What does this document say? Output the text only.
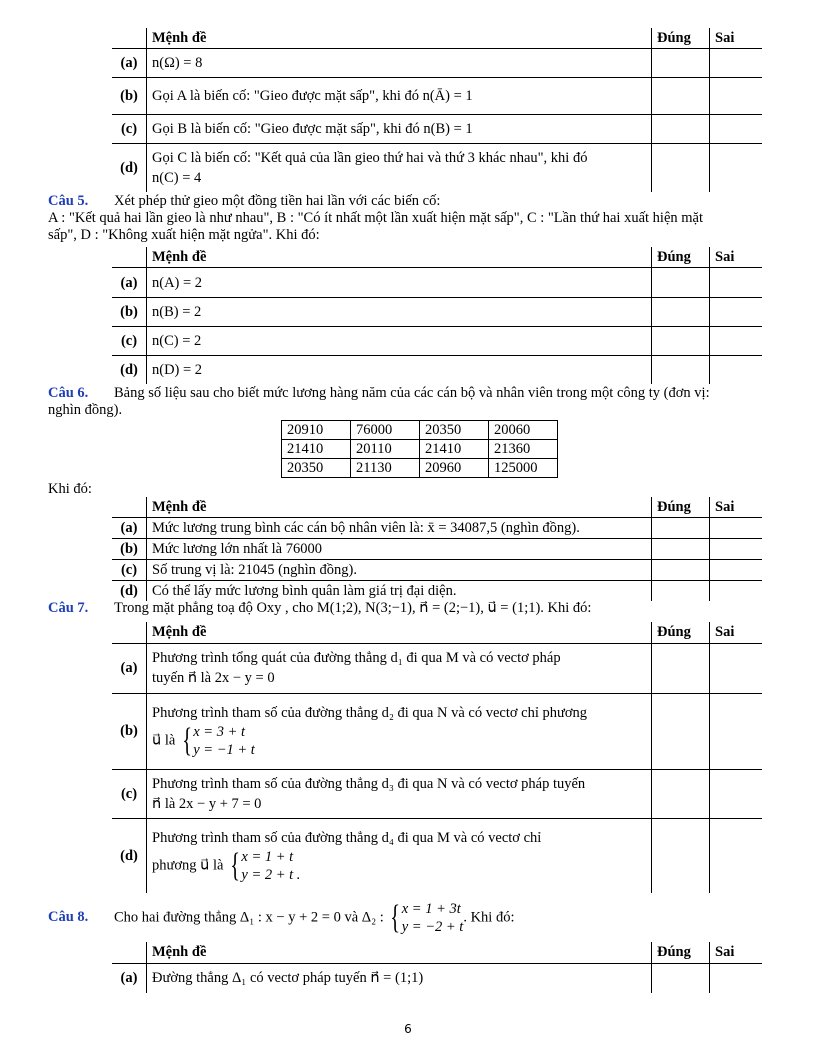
	Mệnh đề	Đúng	Sai
(a)	n(Ω) = 8		
(b)	Gọi A là biến cố: "Gieo được mặt sấp", khi đó n(Ā) = 1		
(c)	Gọi B là biến cố: "Gieo được mặt sấp", khi đó n(B) = 1		
(d)	Gọi C là biến cố: "Kết quả của lần gieo thứ hai và thứ 3 khác nhau", khi đó
n(C) = 4		

Câu 5. Xét phép thử gieo một đồng tiền hai lần với các biến cố:
A : "Kết quả hai lần gieo là như nhau", B : "Có ít nhất một lần xuất hiện mặt sấp", C : "Lần thứ hai xuất hiện mặt
sấp", D : "Không xuất hiện mặt ngửa". Khi đó:
	Mệnh đề	Đúng	Sai
(a)	n(A) = 2		
(b)	n(B) = 2		
(c)	n(C) = 2		
(d)	n(D) = 2		
Câu 6. Bảng số liệu sau cho biết mức lương hàng năm của các cán bộ và nhân viên trong một công ty (đơn vị:
nghìn đồng).
20910	76000	20350	20060
21410	20110	21410	21360
20350	21130	20960	125000
Khi đó:
	Mệnh đề	Đúng	Sai
(a)	Mức lương trung bình các cán bộ nhân viên là: x̄ = 34087,5 (nghìn đồng).		
(b)	Mức lương lớn nhất là 76000		
(c)	Số trung vị là: 21045 (nghìn đồng).		
(d)	Có thể lấy mức lương bình quân làm giá trị đại diện.		
Câu 7. Trong mặt phẳng toạ độ Oxy , cho M(1;2), N(3;−1), n⃗ = (2;−1), u⃗ = (1;1). Khi đó:
	Mệnh đề	Đúng	Sai
(a)	Phương trình tổng quát của đường thẳng d₁ đi qua M và có vectơ pháp
tuyến n⃗ là 2x − y = 0		

(b)	Phương trình tham số của đường thẳng d₂ đi qua N và có vectơ chỉ phương
u⃗ là { x = 3 + t
y = −1 + t		

(c)	Phương trình tham số của đường thẳng d₃ đi qua N và có vectơ pháp tuyến
n⃗ là 2x − y + 7 = 0		

(d)	Phương trình tham số của đường thẳng d₄ đi qua M và có vectơ chỉ
phương u⃗ là { x = 1 + t
y = 2 + t .		

Câu 8. Cho hai đường thẳng Δ₁ : x − y + 2 = 0 và Δ₂ : { x = 1 + 3t
y = −2 + t
. Khi đó:
	Mệnh đề	Đúng	Sai
(a)	Đường thẳng Δ₁ có vectơ pháp tuyến n⃗ = (1;1)		
6
